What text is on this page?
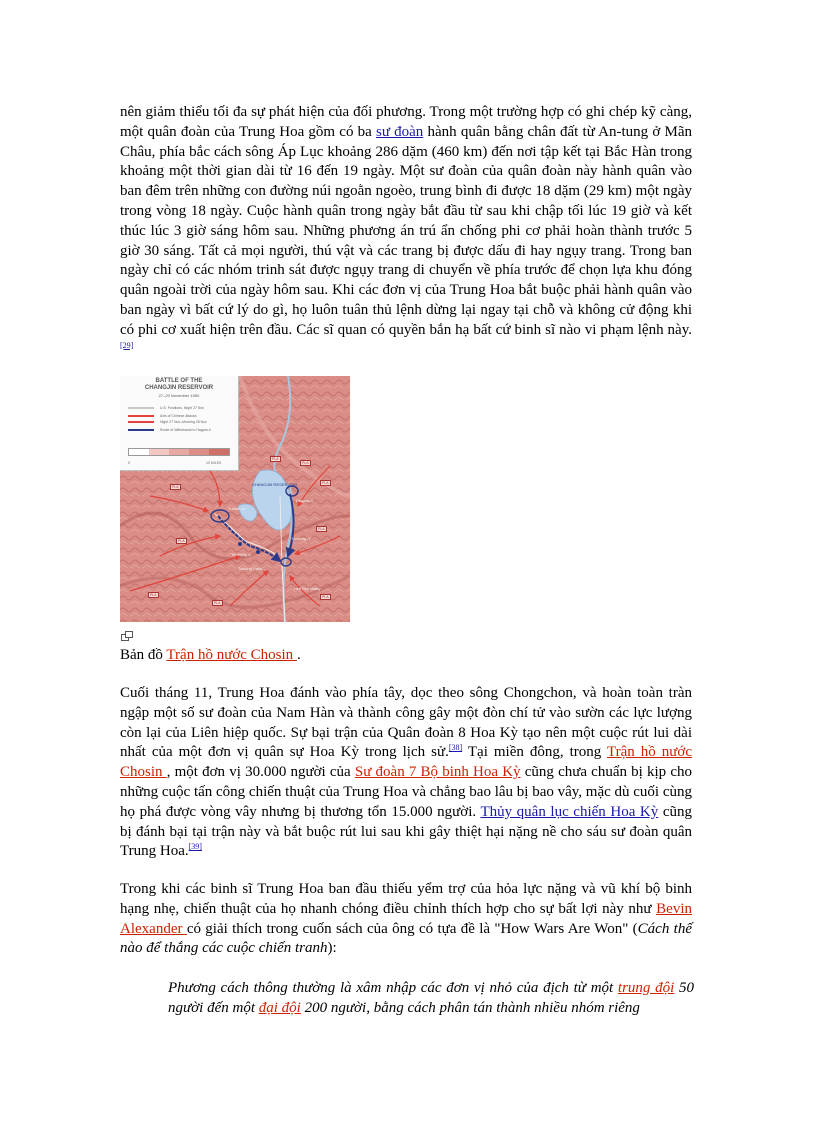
nên giảm thiểu tối đa sự phát hiện của đối phương. Trong một trường hợp có ghi chép kỹ càng, một quân đoàn của Trung Hoa gồm có ba sư đoàn hành quân bằng chân đất từ An-tung ở Mãn Châu, phía bắc cách sông Áp Lục khoảng 286 dặm (460 km) đến nơi tập kết tại Bắc Hàn trong khoảng một thời gian dài từ 16 đến 19 ngày. Một sư đoàn của quân đoàn này hành quân vào ban đêm trên những con đường núi ngoằn ngoèo, trung bình đi được 18 dặm (29 km) một ngày trong vòng 18 ngày. Cuộc hành quân trong ngày bắt đầu từ sau khi chập tối lúc 19 giờ và kết thúc lúc 3 giờ sáng hôm sau. Những phương án trú ẩn chống phi cơ phải hoàn thành trước 5 giờ 30 sáng. Tất cả mọi người, thú vật và các trang bị được dấu đi hay ngụy trang. Trong ban ngày chỉ có các nhóm trinh sát được ngụy trang di chuyển về phía trước để chọn lựa khu đóng quân ngoài trời của ngày hôm sau. Khi các đơn vị của Trung Hoa bắt buộc phải hành quân vào ban ngày vì bất cứ lý do gì, họ luôn tuân thủ lệnh dừng lại ngay tại chỗ và không cử động khi có phi cơ xuất hiện trên đầu. Các sĩ quan có quyền bắn hạ bất cứ binh sĩ nào vi phạm lệnh này.[29]

BATTLE OF THE
CHANGJIN RESERVOIR
27–29 November 1950
U.S. Positions, Night 27 Nov
Axis of Chinese Attacks
Night 27 Nov–Morning 28 Nov
Route of Withdrawal to Hagaru-ri
0	10 MILES
Yudam-ni
Hagaru-ri
Hudong-ni
Sinhung-ni
Toktong Pass
Hell Fire Valley
CHANGJIN RESERVOIR
PLA
PLA
PLA
PLA
PLA
PLA
PLA
PLA
PLA

Bản đồ Trận hồ nước Chosin .

Cuối tháng 11, Trung Hoa đánh vào phía tây, dọc theo sông Chongchon, và hoàn toàn tràn ngập một số sư đoàn của Nam Hàn và thành công gây một đòn chí tử vào sườn các lực lượng còn lại của Liên hiệp quốc. Sự bại trận của Quân đoàn 8 Hoa Kỳ tạo nên một cuộc rút lui dài nhất của một đơn vị quân sự Hoa Kỳ trong lịch sử.[38] Tại miền đông, trong Trận hồ nước Chosin , một đơn vị 30.000 người của Sư đoàn 7 Bộ binh Hoa Kỳ cũng chưa chuẩn bị kịp cho những cuộc tấn công chiến thuật của Trung Hoa và chẳng bao lâu bị bao vây, mặc dù cuối cùng họ phá được vòng vây nhưng bị thương tổn 15.000 người. Thủy quân lục chiến Hoa Kỳ cũng bị đánh bại tại trận này và bắt buộc rút lui sau khi gây thiệt hại nặng nề cho sáu sư đoàn quân Trung Hoa.[39]

Trong khi các binh sĩ Trung Hoa ban đầu thiếu yểm trợ của hỏa lực nặng và vũ khí bộ binh hạng nhẹ, chiến thuật của họ nhanh chóng điều chỉnh thích hợp cho sự bất lợi này như Bevin Alexander có giải thích trong cuốn sách của ông có tựa đề là "How Wars Are Won" (Cách thế nào để thắng các cuộc chiến tranh):

Phương cách thông thường là xâm nhập các đơn vị nhỏ của địch từ một trung đội 50 người đến một đại đội 200 người, bằng cách phân tán thành nhiều nhóm riêng
